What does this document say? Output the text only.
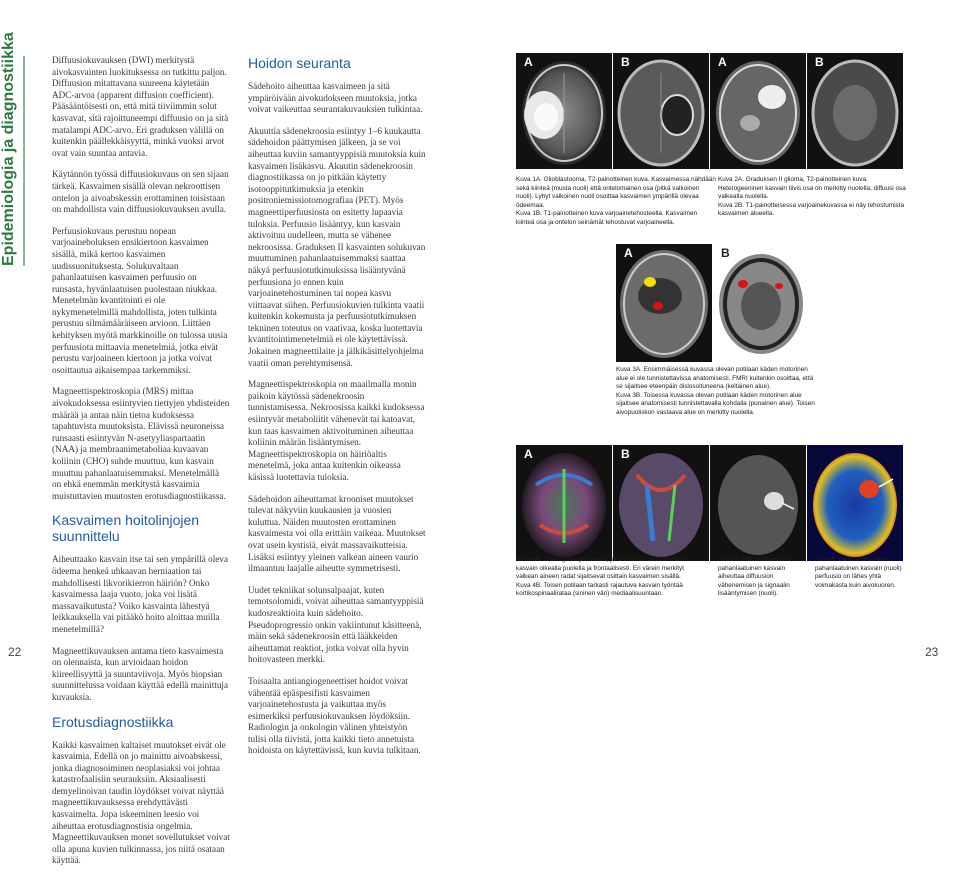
Epidemiologia ja diagnostiikka	Diffuusiokuvauksen (DWI) merkitystä aivokasvainten luokituksessa on tutkittu paljon. Diffuusion mitattavana suureena käytetään ADC-arvoa (apparent diffusion coefficient). Pääsääntöisesti on, että mitä tiiviimmin solut kasvavat, sitä rajoittuneempi diffuusio on ja sitä matalampi ADC-arvo. Eri graduksen välillä on kuitenkin päällekkäisyyttä, minkä vuoksi arvot ovat vain suuntaa antavia.

Käytännön työssä diffuusiokuvaus on sen sijaan tärkeä. Kasvaimen sisällä olevan nekroottisen ontelon ja aivoabskessin erottaminen toisistaan on mahdollista vain diffuusiokuvauksen avulla.

Perfuusiokuvaus perustuu nopean varjoaineboluksen ensikiertoon kasvaimen sisällä, mikä kertoo kasvaimen uudissuonituksesta. Solukuvaltaan pahanlaatuisen kasvaimen perfuusio on runsasta, hyvänlaatuisen puolestaan niukkaa. Menetelmän kvantitointi ei ole nykymenetelmillä mahdollista, joten tulkinta perustuu silmämääräiseen arvioon. Liittäen kehityksen myötä markkinoille on tulossa uusia perfuusiota mittaavia menetelmiä, jotka eivät perustu varjoaineen kiertoon ja jotka voivat osoittautua aikaisempaa tarkemmiksi.

Magneettispektroskopia (MRS) mittaa aivokudoksessa esiintyvien tiettyjen yhdisteiden määrää ja antaa näin tietoa kudoksessa tapahtuvista muutoksista. Elävissä neuroneissa runsaasti esiintyvän N-asetyyliaspartaatin (NAA) ja membraanimetaboliaa kuvaavan koliinin (CHO) suhde muuttuu, kun kasvain muuttuu pahanlaatuisemmaksi. Menetelmällä on ehkä enemmän merkitystä kasvaimia muistuttavien muutosten erotusdiagnostiikassa.

Kasvaimen hoitolinjojen suunnittelu

Aiheuttaako kasvain itse tai sen ympärillä oleva ödeema henkeä uhkaavan herniaation tai mahdollisesti likvorikierron häiriön? Onko kasvaimessa laaja vuoto, joka voi lisätä massavaikutusta? Voiko kasvainta lähestyä leikkauksella vai pitääkö hoito aloittaa muilla menetelmillä?

Magneettikuvauksen antama tieto kasvaimesta on olennaista, kun arvioidaan hoidon kiireellisyyttä ja suuntaviivoja. Myös biopsian suunnittelussa voidaan käyttää edellä mainittuja kuvauksia.

Erotusdiagnostiikka

Kaikki kasvaimen kaltaiset muutokset eivät ole kasvaimia. Edellä on jo mainittu aivoabskessi, jonka diagnosoiminen neoplasiaksi voi johtaa katastrofaalisiin seurauksiin. Aksiaalisesti demyelinoivan taudin löydökset voivat näyttää magneettikuvauksessa erehdyttävästi kasvaimelta. Jopa iskeeminen leesio voi aiheuttaa erotusdiagnostisia ongelmia. Magneettikuvauksen monet sovellutukset voivat olla apuna kuvien tulkinnassa, jos niitä osataan käyttää.

Hoidon seuranta

Sädehoito aiheuttaa kasvaimeen ja sitä ympäröivään aivokudokseen muutoksia, jotka voivat vaikeuttaa seurantakuvauksien tulkintaa.

Akuuttia sädenekroosia esiintyy 1–6 kuukautta sädehoidon päättymisen jälkeen, ja se voi aiheuttaa kuviin samantyyppisiä muutoksia kuin kasvaimen lisäkasvu. Akuutin sädenekroosin diagnostiikassa on jo pitkään käytetty isotooppitutkimuksia ja etenkin positroniemissiotomografiaa (PET). Myös magneettiperfuusiosta on esitetty lupaavia tuloksia. Perfuusio lisääntyy, kun kasvain aktivoituu uudelleen, mutta se vähenee nekroosissa. Graduksen II kasvainten solukuvan muuttuminen pahanlaatuisemmaksi saattaa näkyä perfuusiotutkimuksissa lisääntyvänä perfuusiona jo ennen kuin varjoainetehostuminen tai nopea kasvu viittaavat siihen. Perfuusiokuvien tulkinta vaatii kuitenkin kokemusta ja perfuusiotutkimuksen tekninen toteutus on vaativaa, koska luotettavia kvantitointimenetelmiä ei ole käytettävissä. Jokainen magneettilaite ja jälkikäsittelyohjelma vaatii oman perehtymisensä.

Magneettispektroskopia on maailmalla monin paikoin käytössä sädenekroosin tunnistamisessa. Nekroosissa kaikki kudoksessa esiintyvät metaboliitit vähenevät tai katoavat, kun taas kasvaimen aktivoituminen aiheuttaa koliinin määrän lisääntymisen. Magneettispektroskopia on häiriöaltis menetelmä, joka antaa kuitenkin oikeassa käsissä luotettavia tuloksia.

Sädehoidon aiheuttamat krooniset muutokset tulevat näkyviin kuukausien ja vuosien kuluttua. Näiden muutosten erottaminen kasvaimesta voi olla erittäin vaikeaa. Muutokset ovat usein kystisiä, eivät massavaikutteisia. Lisäksi esiintyy yleinen valkean aineen vaurio ilmaantuu laajalle aiheutte symmetrisesti.

Uudet tekniikat solunsalpaajat, kuten temotsolomidi, voivat aiheuttaa samantyyppisiä kudosreaktioita kuin sädehoito. Pseudoprogressio onkin vakiintunut käsitteenä, mäin sekä sädenekroosin että lääkkeiden aiheuttamat reaktiot, jotka voivat olla hyvin hoitovasteen merkki.

Toisaalta antiangiogeneettiset hoidot voivat vähentää epäspesifisti kasvaimen varjoainetehostusta ja vaikuttaa myös esimerkiksi perfuusiokuvauksen löydöksiin. Radiologin ja onkologin välinen yhteistyön tulisi olla tiivistä, jotta kaikki tieto annetuista hoidoista on käytettävissä, kun kuvia tulkitaan.

22	23
A	B	A	B
Kuva 1A. Glioblastooma, T2-painotteinen kuva. Kasvaimessa nähdään sekä kiinteä (musta nuoli) että ontelomainen osa (pitkä valkoinen nuoli). Lyhyt valkoinen nuoli osoittaa kasvaimen ympärillä olevaa ödeemaa.
Kuva 1B. T1-painotteinen kuva varjoainetehosteella. Kasvaimen kiinteä osa ja ontelon seinämät tehostuvat varjoaineella.
Kuva 2A. Graduksen II glioma, T2-painotteinen kuva. Heterogeeninen kasvain tiivis osa on merkitty nuolella, diffuusi osa valkealla nuolella.
Kuva 2B. T1-painotteisessa varjoainekuvassa ei näy tehostumista kasvaimen alueella.
A	B
Kuva 3A. Ensimmäisessä kuvassa olevan potilaan käden motorinen alue ei ole tunnistettavissa anatomisesti. FMRI kuitenkin osoittaa, että se sijaitsee eteenpäin dislosoituneena (keltainen alue).
Kuva 3B. Toisessa kuvassa olevan potilaan käden motorinen alue sijaitsee anatomisesti tunnistettavalla kohdalla (punainen alue). Toisen aivopuoliskon vastaava alue on merkitty nuolella.
A	B
Kuva 4A. Traktografia potilaasta, jolla on diffuusisti kasvava kasvain oikealla puolella ja frontaalisesti. Eri värein merkityt valkean aineen radat sijaitsevat osittain kasvaimen sisällä.
Kuva 4B. Toisen potilaan tarkasti rajautuva kasvain työntää kortikospinaaliratаa (sininen väri) mediaalisuuntaan.
Kuva 5. Diffuusiokuvassa pahanlaatuinen kasvain aiheuttaa diffuusion vähenemisen ja signaalin lisääntymisen (nuoli).
Kuva 6. Perfuusiokuvassa pahanlaatuinen kasvain (nuoli) perfuusio on lähes yhtä voimakasta kuin aivokuoren.
